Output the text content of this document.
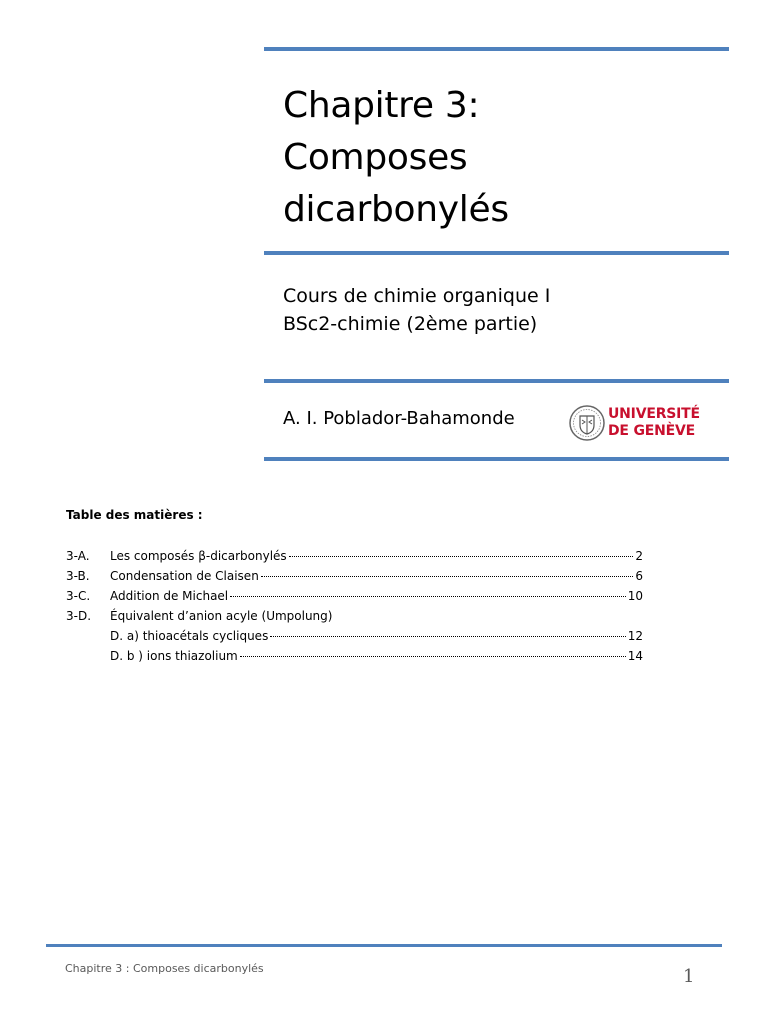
Chapitre 3:
Composes
dicarbonylés
Cours de chimie organique I
BSc2-chimie (2ème partie)
A. I. Poblador-Bahamonde	UNIVERSITÉ
DE GENÈVE
Table des matières :
3-A. Les composés β-dicarbonylés	2
3-B. Condensation de Claisen	6
3-C. Addition de Michael	10
3-D. Équivalent d’anion acyle (Umpolung)
D. a) thioacétals cycliques	12
D. b ) ions thiazolium	14
Chapitre 3 : Composes dicarbonylés	1
